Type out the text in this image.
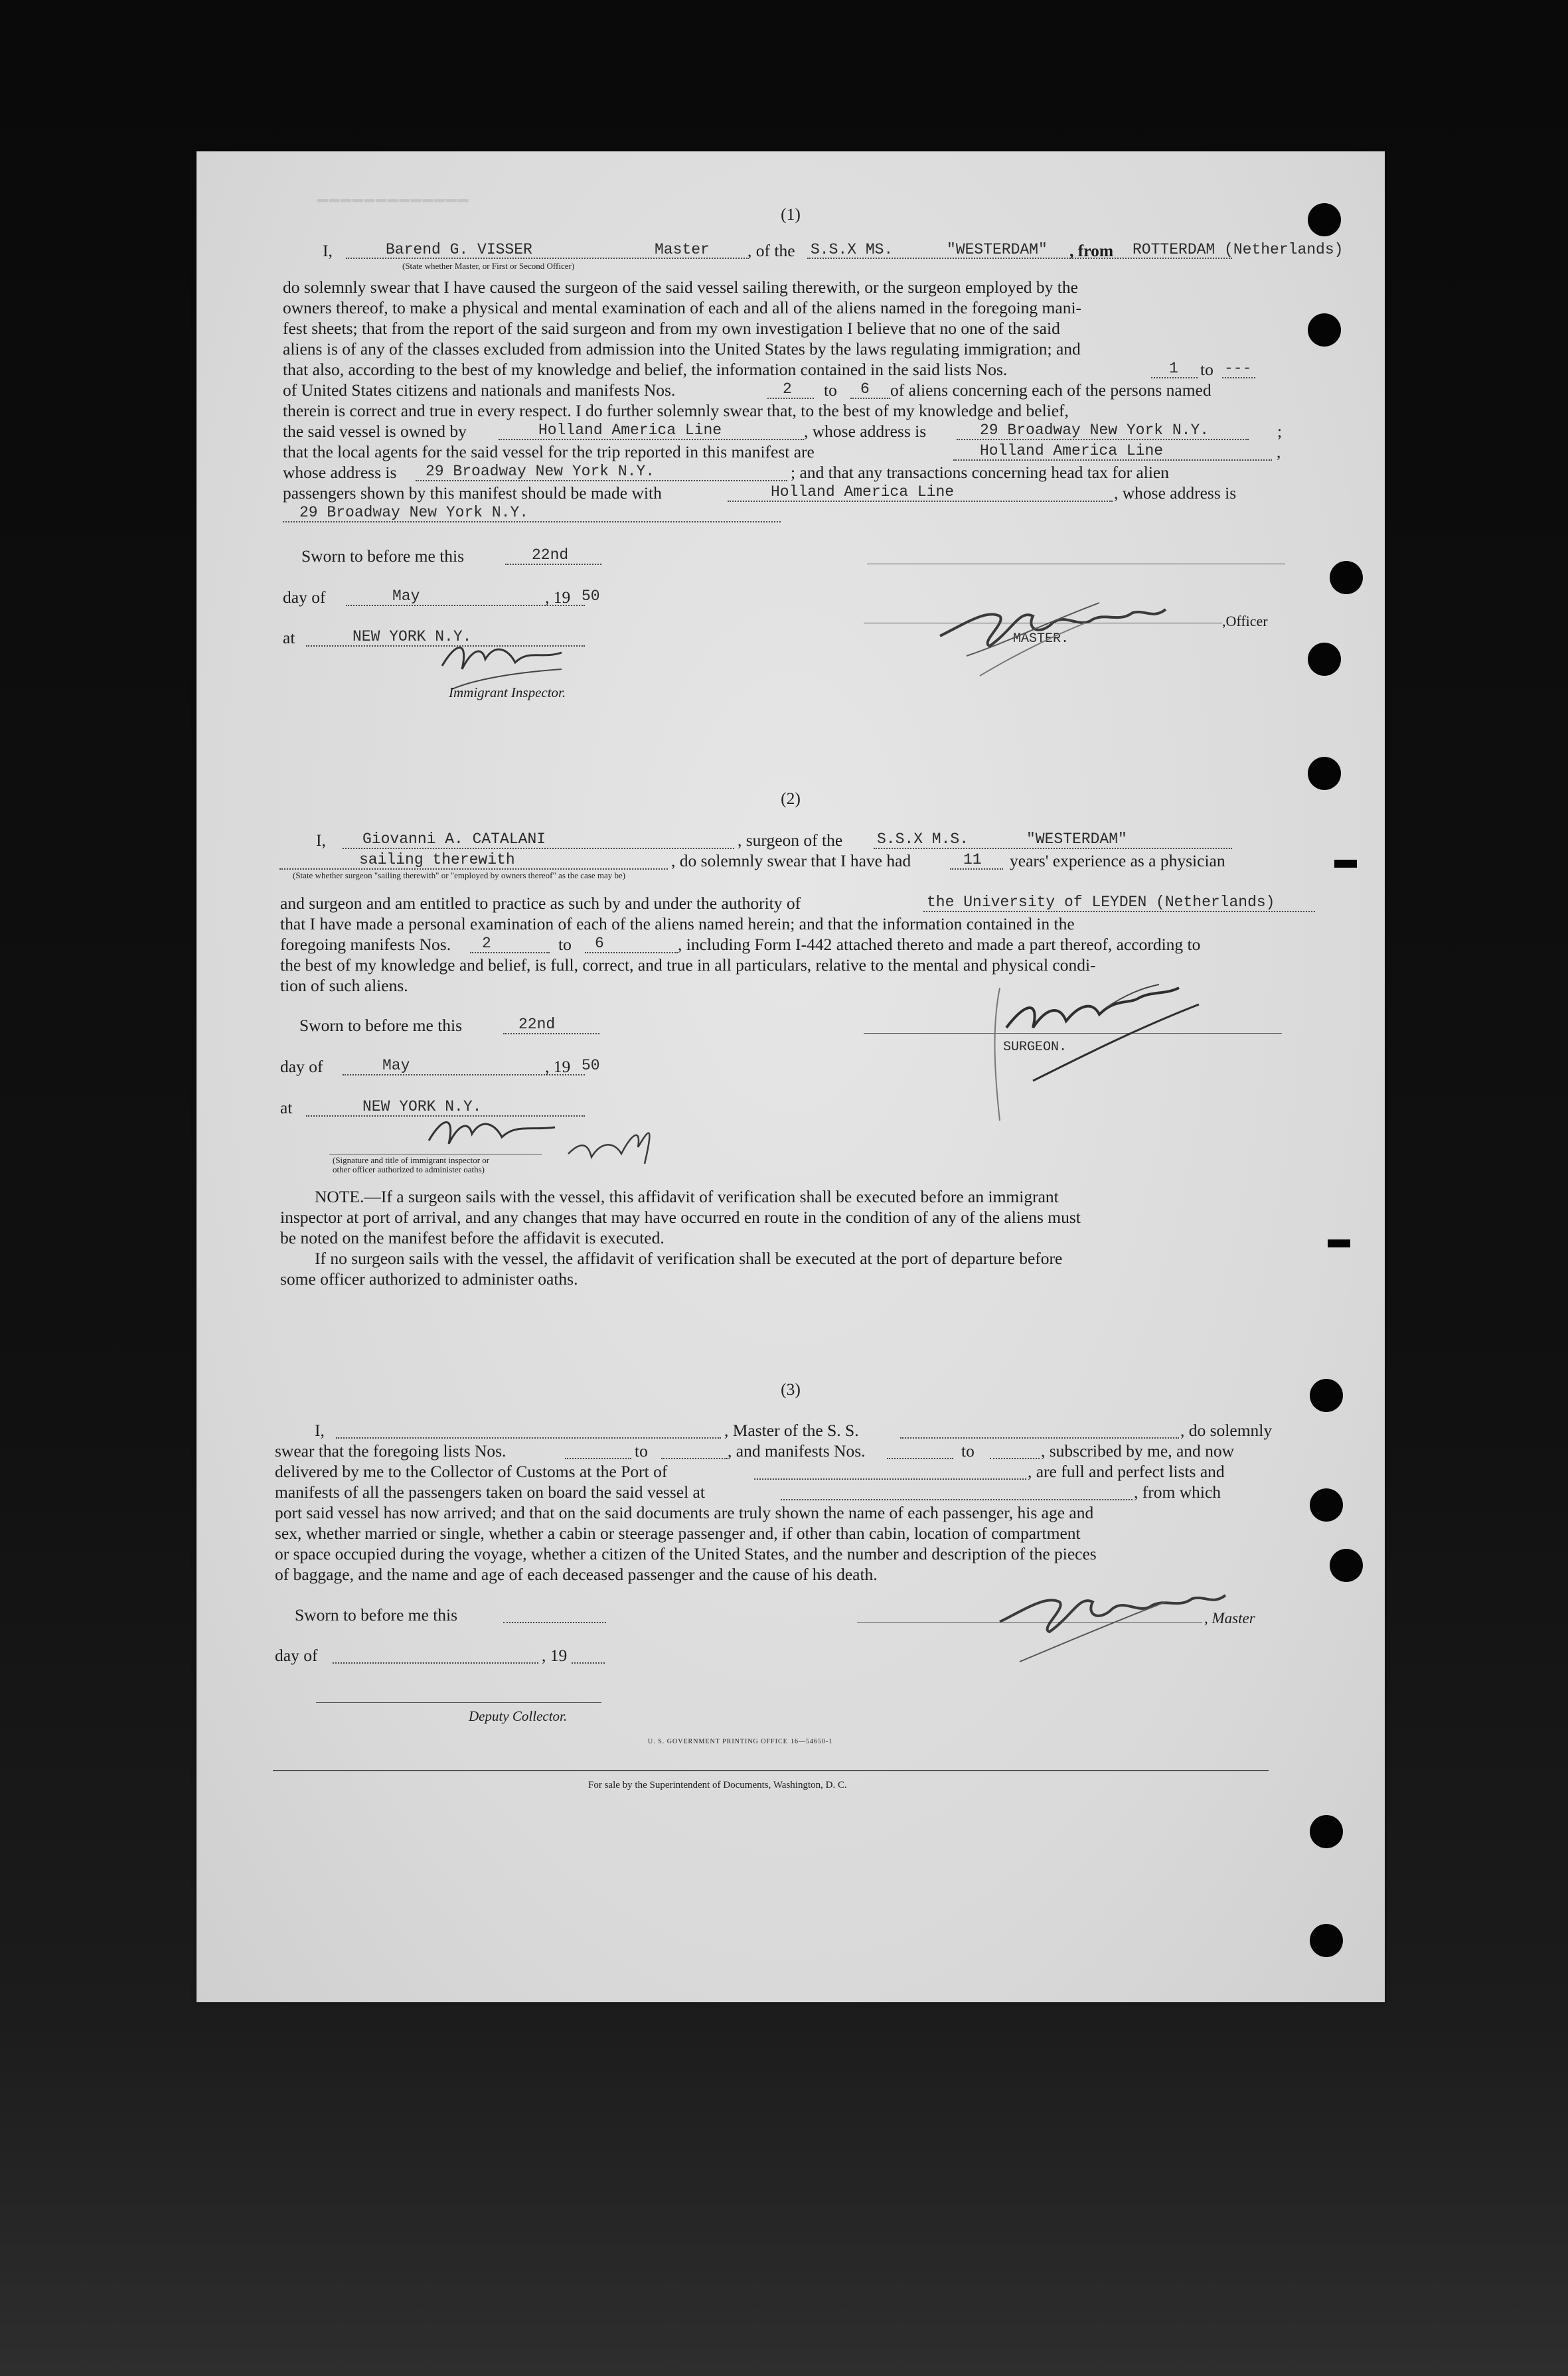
━━━━━━━━━━━━━
(1)
I,	Barend G. VISSER	Master , of the S.S.X MS.	"WESTERDAM" , from ROTTERDAM (Netherlands)
(State whether Master, or First or Second Officer)
do solemnly swear that I have caused the surgeon of the said vessel sailing therewith, or the surgeon employed by the
owners thereof, to make a physical and mental examination of each and all of the aliens named in the foregoing mani-
fest sheets; that from the report of the said surgeon and from my own investigation I believe that no one of the said
aliens is of any of the classes excluded from admission into the United States by the laws regulating immigration; and
that also, according to the best of my knowledge and belief, the information contained in the said lists Nos.	1 to ---
of United States citizens and nationals and manifests Nos.	2 to 6 of aliens concerning each of the persons named
therein is correct and true in every respect. I do further solemnly swear that, to the best of my knowledge and belief,
the said vessel is owned by	Holland America Line	, whose address is	29 Broadway New York N.Y.	;
that the local agents for the said vessel for the trip reported in this manifest are	Holland America Line	,
whose address is 29 Broadway New York N.Y.	; and that any transactions concerning head tax for alien
passengers shown by this manifest should be made with	Holland America Line	, whose address is
29 Broadway New York N.Y.
Sworn to before me this	22nd
day of	May	, 19 50
,Officer
MASTER.
at	NEW YORK N.Y.
Immigrant Inspector.
(2)
I, Giovanni A. CATALANI	, surgeon of the S.S.X M.S.	"WESTERDAM"
sailing therewith	, do solemnly swear that I have had	11 years' experience as a physician
(State whether surgeon "sailing therewith" or "employed by owners thereof" as the case may be)
and surgeon and am entitled to practice as such by and under the authority of	the University of LEYDEN (Netherlands)
that I have made a personal examination of each of the aliens named herein; and that the information contained in the
foregoing manifests Nos. 2	to 6	, including Form I-442 attached thereto and made a part thereof, according to
the best of my knowledge and belief, is full, correct, and true in all particulars, relative to the mental and physical condi-
tion of such aliens.
Sworn to before me this	22nd
SURGEON.
day of	May	, 19 50
at	NEW YORK N.Y.
(Signature and title of immigrant inspector or
other officer authorized to administer oaths)
NOTE.—If a surgeon sails with the vessel, this affidavit of verification shall be executed before an immigrant
inspector at port of arrival, and any changes that may have occurred en route in the condition of any of the aliens must
be noted on the manifest before the affidavit is executed.
If no surgeon sails with the vessel, the affidavit of verification shall be executed at the port of departure before
some officer authorized to administer oaths.
(3)
I,	, Master of the S. S.	, do solemnly
swear that the foregoing lists Nos.	to	, and manifests Nos.	to	, subscribed by me, and now
delivered by me to the Collector of Customs at the Port of	, are full and perfect lists and
manifests of all the passengers taken on board the said vessel at	, from which
port said vessel has now arrived; and that on the said documents are truly shown the name of each passenger, his age and
sex, whether married or single, whether a cabin or steerage passenger and, if other than cabin, location of compartment
or space occupied during the voyage, whether a citizen of the United States, and the number and description of the pieces
of baggage, and the name and age of each deceased passenger and the cause of his death.
Sworn to before me this	, Master
day of	, 19
Deputy Collector.
U. S. GOVERNMENT PRINTING OFFICE 16—54650-1
For sale by the Superintendent of Documents, Washington, D. C.
